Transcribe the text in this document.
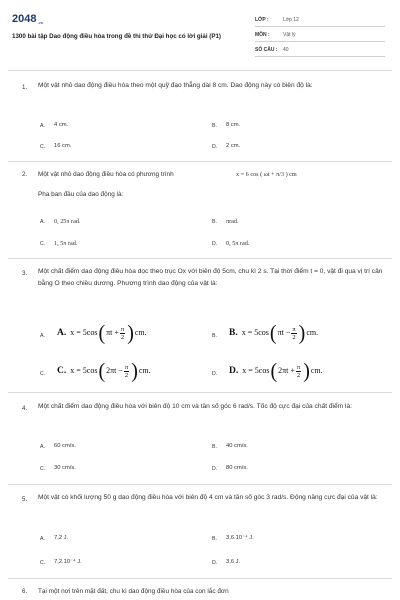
2048.vn
1300 bài tập Dao động điều hòa trong đề thi thử Đại học có lời giải (P1)
LỚP :	Lớp 12
MÔN :	Vật lý
SỐ CÂU : 40
1. Một vật nhỏ dao động điều hòa theo một quỹ đạo thẳng dài 8 cm. Dao động này có biên độ là:
A. 4 cm.	B. 8 cm.
C. 16 cm.	D. 2 cm.
2. Một vật nhỏ dao động điều hòa có phương trình	x = 6 cos ( ωt + π/3 ) cm
Pha ban đầu của dao động là:
A. 0, 25π rad.	B. πrad.
C. 1, 5π rad.	D. 0, 5π rad.
3. Một chất điểm dao động điều hòa dọc theo trục Ox với biên độ 5cm, chu kì 2 s. Tại thời điểm t = 0, vật đi qua vị trí cân bằng O theo chiều dương. Phương trình dao động của vật là:
A. A. x = 5cos ( $\pi t + \frac{\pi}{2}$ ) cm.	B. B. x = 5cos ( $\pi t - \frac{\pi}{2}$ ) cm.
C. C. x = 5cos ( $2\pi t - \frac{\pi}{2}$ ) cm.	D. D. x = 5cos ( $2\pi t + \frac{\pi}{2}$ ) cm.
4. Một chất điểm dao động điều hòa với biên độ 10 cm và tần số góc 6 rad/s. Tốc độ cực đại của chất điểm là:
A. 60 cm/s.	B. 40 cm/s.
C. 30 cm/s.	D. 80 cm/s.
5. Một vật có khối lượng 50 g dao động điều hòa với biên độ 4 cm và tần số góc 3 rad/s. Động năng cực đại của vật là:
A. 7,2 J.	B. 3,6.10⁻⁴ J.
C. 7,2.10⁻⁴ J.	D. 3,6 J.
6. Tại một nơi trên mặt đất, chu kì dao động điều hòa của con lắc đơn
